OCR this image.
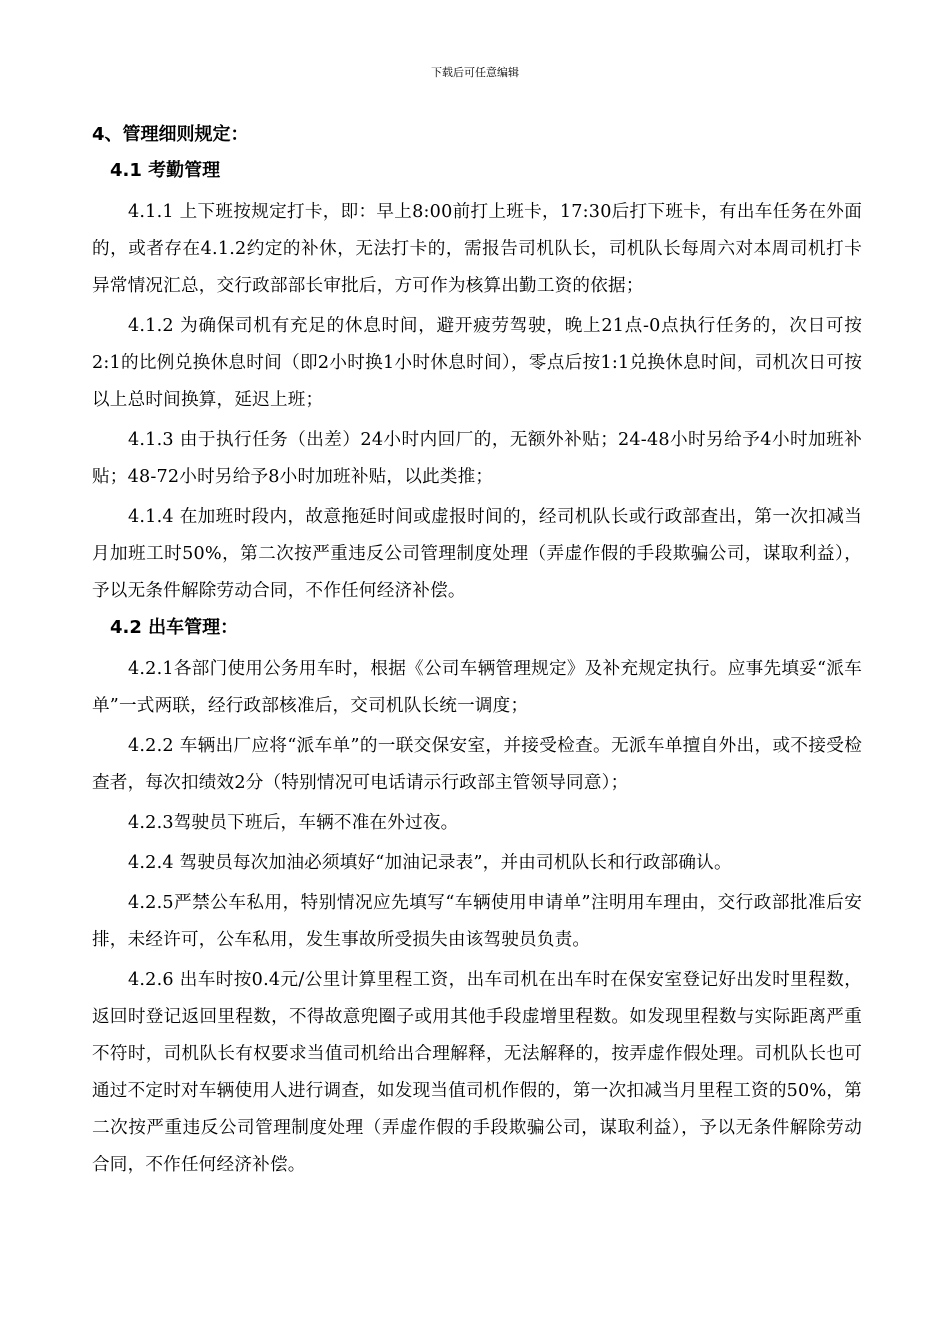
下载后可任意编辑
4、管理细则规定：
4.1 考勤管理

4.1.1 上下班按规定打卡，即：早上8:00前打上班卡，17:30后打下班卡，有出车任务在外面的，或者存在4.1.2约定的补休，无法打卡的，需报告司机队长，司机队长每周六对本周司机打卡异常情况汇总，交行政部部长审批后，方可作为核算出勤工资的依据；

4.1.2 为确保司机有充足的休息时间，避开疲劳驾驶，晚上21点-0点执行任务的，次日可按2:1的比例兑换休息时间（即2小时换1小时休息时间），零点后按1:1兑换休息时间，司机次日可按以上总时间换算，延迟上班；

4.1.3 由于执行任务（出差）24小时内回厂的，无额外补贴；24-48小时另给予4小时加班补贴；48-72小时另给予8小时加班补贴，以此类推；

4.1.4 在加班时段内，故意拖延时间或虚报时间的，经司机队长或行政部查出，第一次扣减当月加班工时50%，第二次按严重违反公司管理制度处理（弄虚作假的手段欺骗公司，谋取利益），予以无条件解除劳动合同，不作任何经济补偿。

4.2 出车管理：

4.2.1各部门使用公务用车时，根据《公司车辆管理规定》及补充规定执行。应事先填妥“派车单”一式两联，经行政部核准后，交司机队长统一调度；

4.2.2 车辆出厂应将“派车单”的一联交保安室，并接受检查。无派车单擅自外出，或不接受检查者，每次扣绩效2分（特别情况可电话请示行政部主管领导同意）；

4.2.3驾驶员下班后，车辆不准在外过夜。

4.2.4 驾驶员每次加油必须填好“加油记录表”，并由司机队长和行政部确认。

4.2.5严禁公车私用，特别情况应先填写“车辆使用申请单”注明用车理由，交行政部批准后安排，未经许可，公车私用，发生事故所受损失由该驾驶员负责。

4.2.6 出车时按0.4元/公里计算里程工资，出车司机在出车时在保安室登记好出发时里程数，返回时登记返回里程数，不得故意兜圈子或用其他手段虚增里程数。如发现里程数与实际距离严重不符时，司机队长有权要求当值司机给出合理解释，无法解释的，按弄虚作假处理。司机队长也可通过不定时对车辆使用人进行调查，如发现当值司机作假的，第一次扣减当月里程工资的50%，第二次按严重违反公司管理制度处理（弄虚作假的手段欺骗公司，谋取利益），予以无条件解除劳动合同，不作任何经济补偿。
